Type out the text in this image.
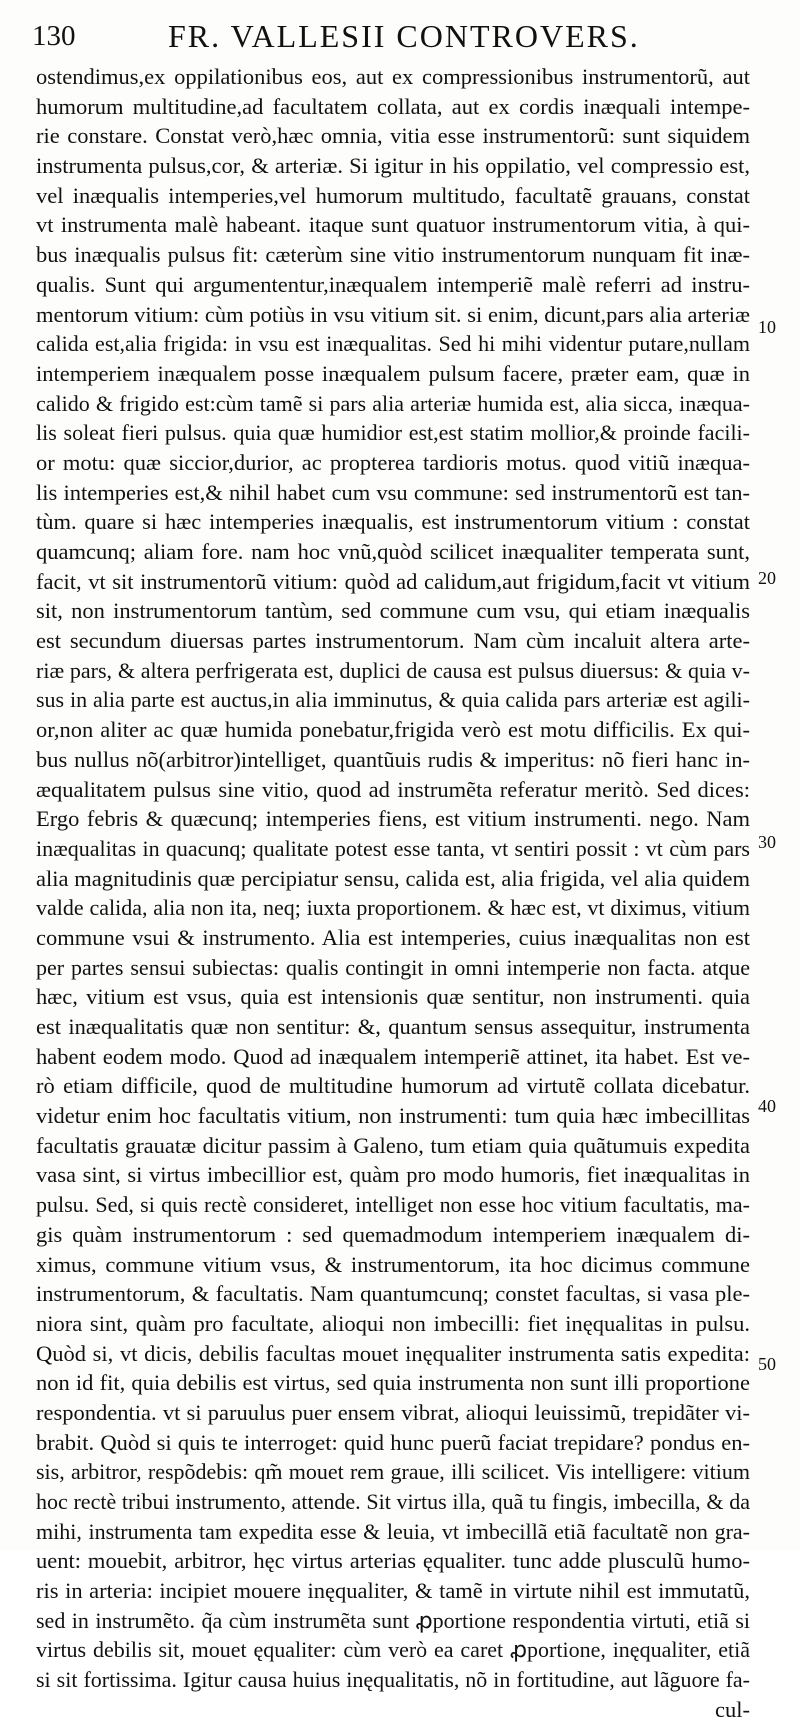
130	FR. VALLESII CONTROVERS.
ostendimus,ex oppilationibus eos, aut ex compressionibus instrumentorũ, aut
humorum multitudine,ad facultatem collata, aut ex cordis inæquali intempe-
rie constare. Constat verò,hæc omnia, vitia esse instrumentorũ: sunt siquidem
instrumenta pulsus,cor, & arteriæ. Si igitur in his oppilatio, vel compressio est,
vel inæqualis intemperies,vel humorum multitudo, facultatẽ grauans, constat
vt instrumenta malè habeant. itaque sunt quatuor instrumentorum vitia, à qui-
bus inæqualis pulsus fit: cæterùm sine vitio instrumentorum nunquam fit inæ-
qualis. Sunt qui argumententur,inæqualem intemperiẽ malè referri ad instru-
mentorum vitium: cùm potiùs in vsu vitium sit. si enim, dicunt,pars alia arteriæ
calida est,alia frigida: in vsu est inæqualitas. Sed hi mihi videntur putare,nullam
intemperiem inæqualem posse inæqualem pulsum facere, præter eam, quæ in
calido & frigido est:cùm tamẽ si pars alia arteriæ humida est, alia sicca, inæqua-
lis soleat fieri pulsus. quia quæ humidior est,est statim mollior,& proinde facili-
or motu: quæ siccior,durior, ac propterea tardioris motus. quod vitiũ inæqua-
lis intemperies est,& nihil habet cum vsu commune: sed instrumentorũ est tan-
tùm. quare si hæc intemperies inæqualis, est instrumentorum vitium : constat
quamcunq; aliam fore. nam hoc vnũ,quòd scilicet inæqualiter temperata sunt,
facit, vt sit instrumentorũ vitium: quòd ad calidum,aut frigidum,facit vt vitium
sit, non instrumentorum tantùm, sed commune cum vsu, qui etiam inæqualis
est secundum diuersas partes instrumentorum. Nam cùm incaluit altera arte-
riæ pars, & altera perfrigerata est, duplici de causa est pulsus diuersus: & quia v-
sus in alia parte est auctus,in alia imminutus, & quia calida pars arteriæ est agili-
or,non aliter ac quæ humida ponebatur,frigida verò est motu difficilis. Ex qui-
bus nullus nõ(arbitror)intelliget, quantũuis rudis & imperitus: nõ fieri hanc in-
æqualitatem pulsus sine vitio, quod ad instrumẽta referatur meritò. Sed dices:
Ergo febris & quæcunq; intemperies fiens, est vitium instrumenti. nego. Nam
inæqualitas in quacunq; qualitate potest esse tanta, vt sentiri possit : vt cùm pars
alia magnitudinis quæ percipiatur sensu, calida est, alia frigida, vel alia quidem
valde calida, alia non ita, neq; iuxta proportionem. & hæc est, vt diximus, vitium
commune vsui & instrumento. Alia est intemperies, cuius inæqualitas non est
per partes sensui subiectas: qualis contingit in omni intemperie non facta. atque
hæc, vitium est vsus, quia est intensionis quæ sentitur, non instrumenti. quia
est inæqualitatis quæ non sentitur: &, quantum sensus assequitur, instrumenta
habent eodem modo. Quod ad inæqualem intemperiẽ attinet, ita habet. Est ve-
rò etiam difficile, quod de multitudine humorum ad virtutẽ collata dicebatur.
videtur enim hoc facultatis vitium, non instrumenti: tum quia hæc imbecillitas
facultatis grauatæ dicitur passim à Galeno, tum etiam quia quãtumuis expedita
vasa sint, si virtus imbecillior est, quàm pro modo humoris, fiet inæqualitas in
pulsu. Sed, si quis rectè consideret, intelliget non esse hoc vitium facultatis, ma-
gis quàm instrumentorum : sed quemadmodum intemperiem inæqualem di-
ximus, commune vitium vsus, & instrumentorum, ita hoc dicimus commune
instrumentorum, & facultatis. Nam quantumcunq; constet facultas, si vasa ple-
niora sint, quàm pro facultate, alioqui non imbecilli: fiet inęqualitas in pulsu.
Quòd si, vt dicis, debilis facultas mouet inęqualiter instrumenta satis expedita:
non id fit, quia debilis est virtus, sed quia instrumenta non sunt illi proportione
respondentia. vt si paruulus puer ensem vibrat, alioqui leuissimũ, trepidãter vi-
brabit. Quòd si quis te interroget: quid hunc puerũ faciat trepidare? pondus en-
sis, arbitror, respõdebis: qm̃ mouet rem graue, illi scilicet. Vis intelligere: vitium
hoc rectè tribui instrumento, attende. Sit virtus illa, quã tu fingis, imbecilla, & da
mihi, instrumenta tam expedita esse & leuia, vt imbecillã etiã facultatẽ non gra-
uent: mouebit, arbitror, hęc virtus arterias ęqualiter. tunc adde plusculũ humo-
ris in arteria: incipiet mouere inęqualiter, & tamẽ in virtute nihil est immutatũ,
sed in instrumẽto. q̃a cùm instrumẽta sunt ꝓportione respondentia virtuti, etiã si
virtus debilis sit, mouet ęqualiter: cùm verò ea caret ꝓportione, inęqualiter, etiã
si sit fortissima. Igitur causa huius inęqualitatis, nõ in fortitudine, aut lãguore fa-
cul-
10
20
30
40
50
